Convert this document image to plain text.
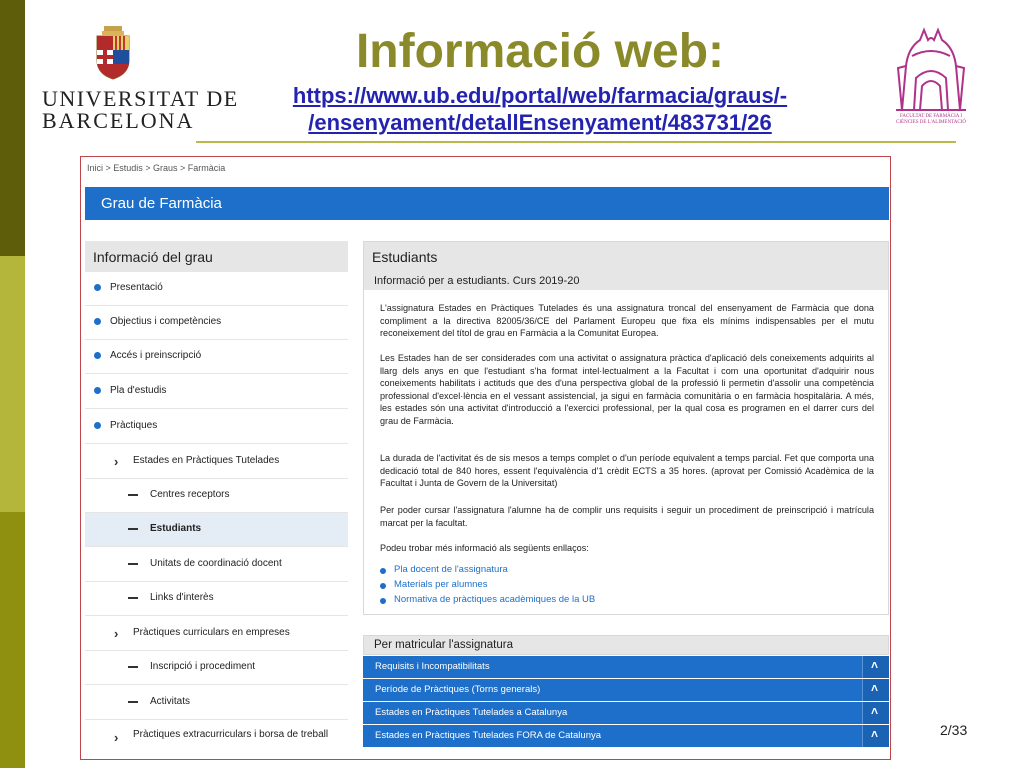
UNIVERSITAT DE
BARCELONA
Informació web:
https://www.ub.edu/portal/web/farmacia/graus/-
/ensenyament/detallEnsenyament/483731/26	FACULTAT DE FARMÀCIA I CIÈNCIES DE L'ALIMENTACIÓ
Inici > Estudis > Graus > Farmàcia
Grau de Farmàcia
Informació del grau
Presentació
Objectius i competències
Accés i preinscripció
Pla d'estudis
Pràctiques
› Estades en Pràctiques Tutelades
Centres receptors
Estudiants
Unitats de coordinació docent
Links d'interès
› Pràctiques curriculars en empreses
Inscripció i procediment
Activitats
› Pràctiques extracurriculars i borsa de treball
Estudiants
Informació per a estudiants. Curs 2019-20
L'assignatura Estades en Pràctiques Tutelades és una assignatura troncal del ensenyament de Farmàcia que dona compliment a la directiva 82005/36/CE del Parlament Europeu que fixa els mínims indispensables per el mutu reconeixement del títol de grau en Farmàcia a la Comunitat Europea.
Les Estades han de ser considerades com una activitat o assignatura pràctica d'aplicació dels coneixements adquirits al llarg dels anys en que l'estudiant s'ha format intel·lectualment a la Facultat i com una oportunitat d'adquirir nous coneixements habilitats i actituds que des d'una perspectiva global de la professió li permetin d'assolir una competència professional d'excel·lència en el vessant assistencial, ja sigui en farmàcia comunitària o en farmàcia hospitalària. A més, les estades són una activitat d'introducció a l'exercici professional, per la qual cosa es programen en el darrer curs del grau de Farmàcia.
La durada de l'activitat és de sis mesos a temps complet o d'un període equivalent a temps parcial. Fet que comporta una dedicació total de 840 hores, essent l'equivalència d'1 crèdit ECTS a 35 hores. (aprovat per Comissió Acadèmica de la Facultat i Junta de Govern de la Universitat)
Per poder cursar l'assignatura l'alumne ha de complir uns requisits i seguir un procediment de preinscripció i matrícula marcat per la facultat.
Podeu trobar més informació als següents enllaços:
Pla docent de l'assignatura
Materials per alumnes
Normativa de pràctiques acadèmiques de la UB
Per matricular l'assignatura
Requisits i Incompatibilitats	˄
Període de Pràctiques (Torns generals)	˄
Estades en Pràctiques Tutelades a Catalunya	˄
Estades en Pràctiques Tutelades FORA de Catalunya	˄	2/33
